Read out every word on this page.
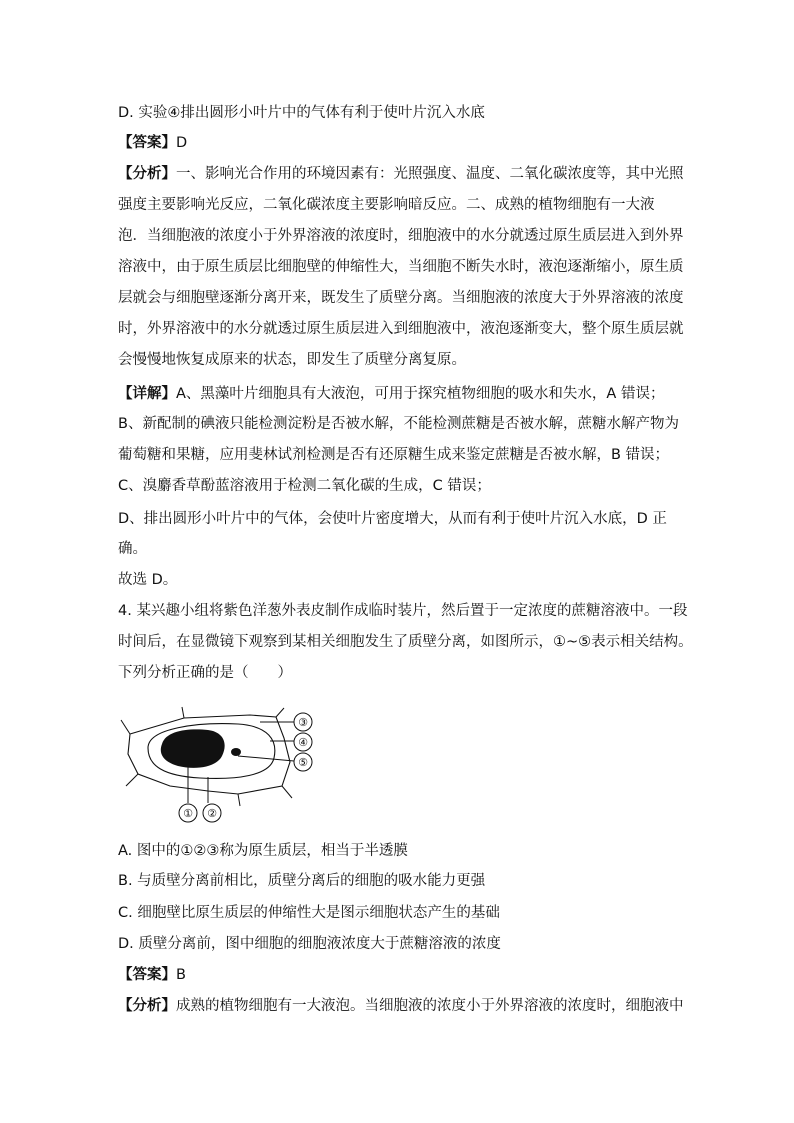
D. 实验④排出圆形小叶片中的气体有利于使叶片沉入水底
【答案】D
【分析】一、影响光合作用的环境因素有：光照强度、温度、二氧化碳浓度等，其中光照
强度主要影响光反应，二氧化碳浓度主要影响暗反应。二、成熟的植物细胞有一大液
泡．当细胞液的浓度小于外界溶液的浓度时，细胞液中的水分就透过原生质层进入到外界
溶液中，由于原生质层比细胞壁的伸缩性大，当细胞不断失水时，液泡逐渐缩小，原生质
层就会与细胞壁逐渐分离开来，既发生了质壁分离。当细胞液的浓度大于外界溶液的浓度
时，外界溶液中的水分就透过原生质层进入到细胞液中，液泡逐渐变大，整个原生质层就
会慢慢地恢复成原来的状态，即发生了质壁分离复原。
【详解】A、黑藻叶片细胞具有大液泡，可用于探究植物细胞的吸水和失水，A 错误；
B、新配制的碘液只能检测淀粉是否被水解，不能检测蔗糖是否被水解，蔗糖水解产物为
葡萄糖和果糖，应用斐林试剂检测是否有还原糖生成来鉴定蔗糖是否被水解，B 错误；
C、溴麝香草酚蓝溶液用于检测二氧化碳的生成，C 错误；
D、排出圆形小叶片中的气体，会使叶片密度增大，从而有利于使叶片沉入水底，D 正
确。
故选 D。
4. 某兴趣小组将紫色洋葱外表皮制作成临时装片，然后置于一定浓度的蔗糖溶液中。一段
时间后，在显微镜下观察到某相关细胞发生了质壁分离，如图所示，①~⑤表示相关结构。
下列分析正确的是（　　）
③
④
⑤
① ②
A. 图中的①②③称为原生质层，相当于半透膜
B. 与质壁分离前相比，质壁分离后的细胞的吸水能力更强
C. 细胞壁比原生质层的伸缩性大是图示细胞状态产生的基础
D. 质壁分离前，图中细胞的细胞液浓度大于蔗糖溶液的浓度
【答案】B
【分析】成熟的植物细胞有一大液泡。当细胞液的浓度小于外界溶液的浓度时，细胞液中
